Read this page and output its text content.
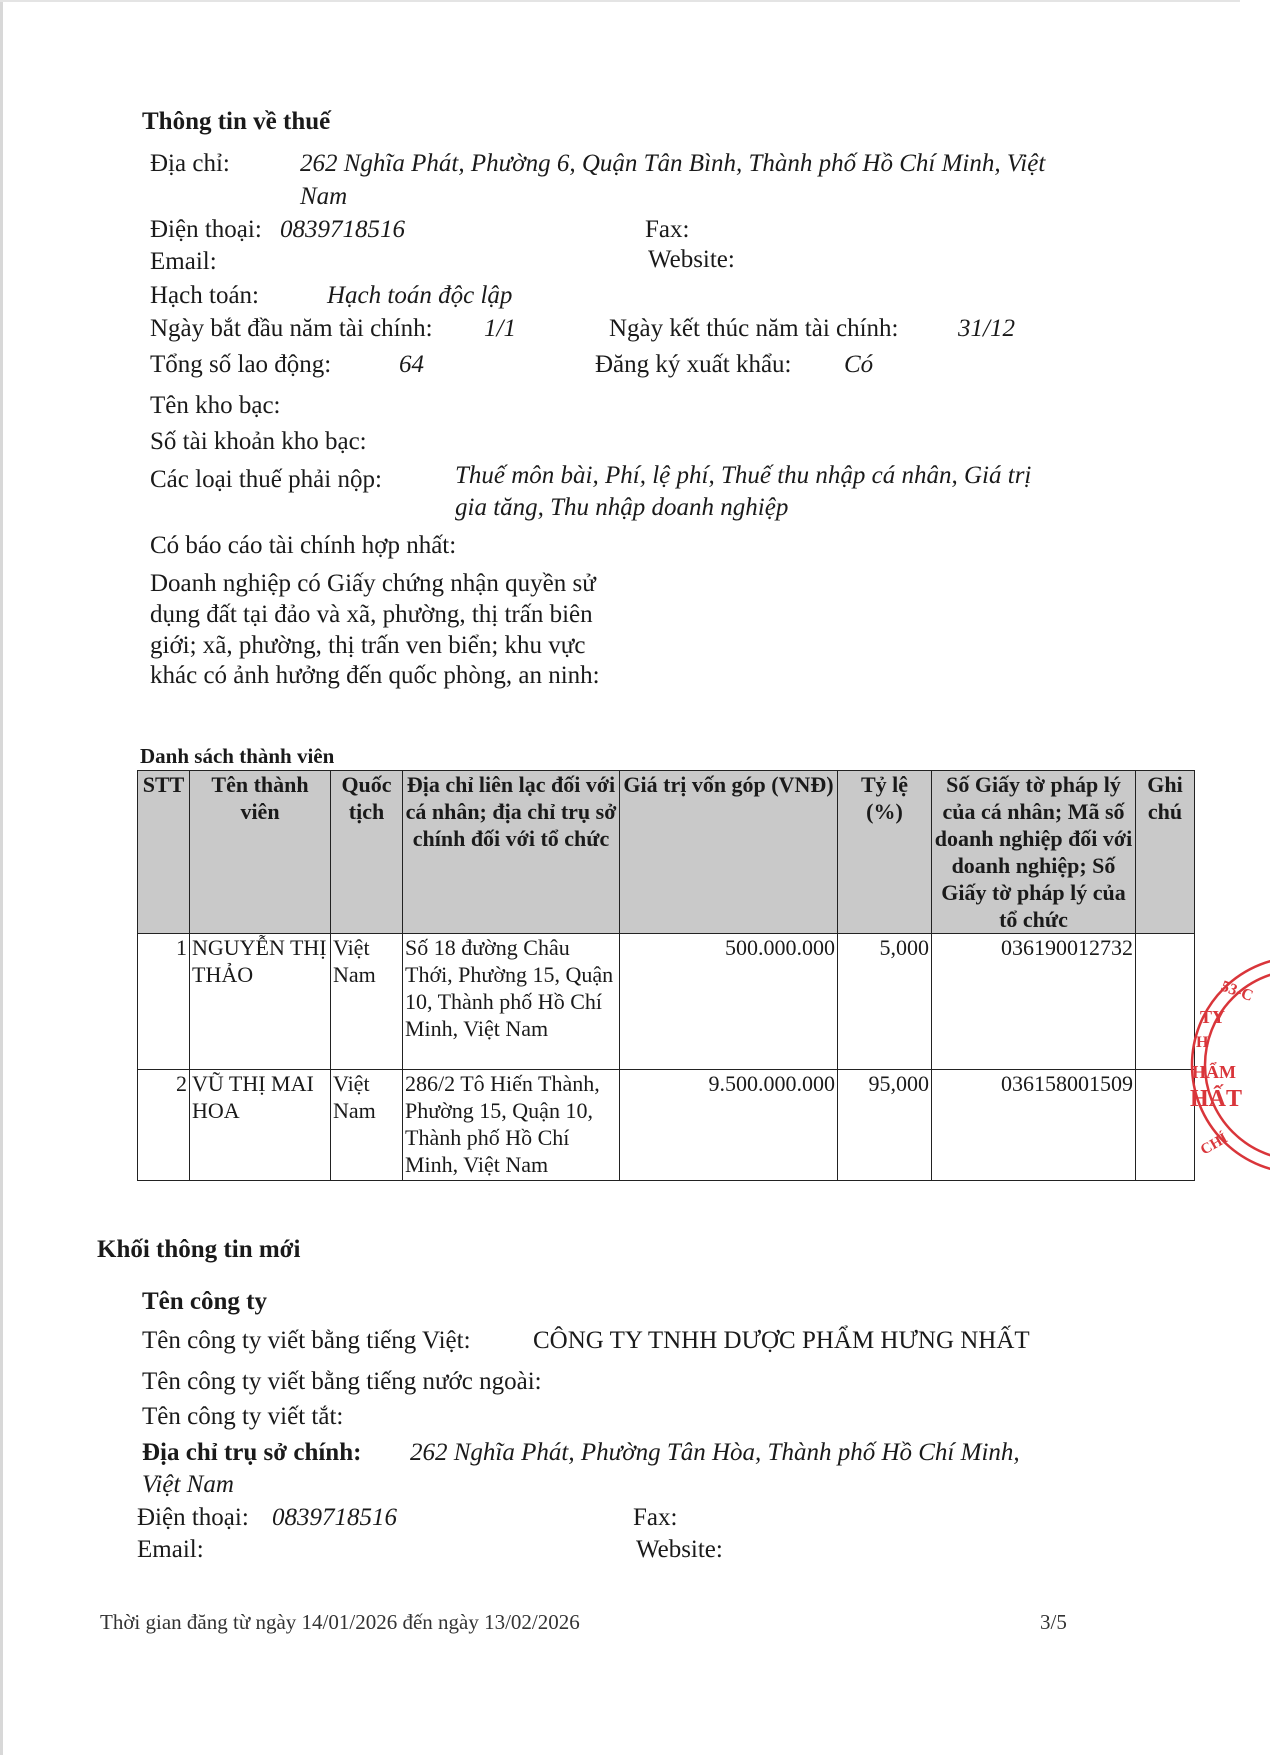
Thông tin về thuế
Địa chỉ:	262 Nghĩa Phát, Phường 6, Quận Tân Bình, Thành phố Hồ Chí Minh, Việt
Nam
Điện thoại: 0839718516	Fax:
Email:	Website:
Hạch toán:	Hạch toán độc lập
Ngày bắt đầu năm tài chính: 1/1	Ngày kết thúc năm tài chính: 31/12
Tổng số lao động:	64	Đăng ký xuất khẩu: Có
Tên kho bạc:
Số tài khoản kho bạc:
Các loại thuế phải nộp:	Thuế môn bài, Phí, lệ phí, Thuế thu nhập cá nhân, Giá trị
gia tăng, Thu nhập doanh nghiệp
Có báo cáo tài chính hợp nhất:
Doanh nghiệp có Giấy chứng nhận quyền sử
dụng đất tại đảo và xã, phường, thị trấn biên
giới; xã, phường, thị trấn ven biển; khu vực
khác có ảnh hưởng đến quốc phòng, an ninh:
Danh sách thành viên
STT	Tên thành viên	Quốc tịch	Địa chỉ liên lạc đối với cá nhân; địa chỉ trụ sở chính đối với tổ chức	Giá trị vốn góp (VNĐ)	Tỷ lệ (%)	Số Giấy tờ pháp lý của cá nhân; Mã số doanh nghiệp đối với doanh nghiệp; Số Giấy tờ pháp lý của tổ chức	Ghi chú
1	NGUYỄN THỊ THẢO	Việt Nam	Số 18 đường Châu Thới, Phường 15, Quận 10, Thành phố Hồ Chí Minh, Việt Nam	500.000.000	5,000	036190012732	
2	VŨ THỊ MAI HOA	Việt Nam	286/2 Tô Hiến Thành, Phường 15, Quận 10, Thành phố Hồ Chí Minh, Việt Nam	9.500.000.000	95,000	036158001509	
53-C
TY
H
HẨM
HẤT
CHÍ
Khối thông tin mới
Tên công ty
Tên công ty viết bằng tiếng Việt: CÔNG TY TNHH DƯỢC PHẨM HƯNG NHẤT
Tên công ty viết bằng tiếng nước ngoài:
Tên công ty viết tắt:
Địa chỉ trụ sở chính: 262 Nghĩa Phát, Phường Tân Hòa, Thành phố Hồ Chí Minh,
Việt Nam
Điện thoại: 0839718516	Fax:
Email:	Website:
Thời gian đăng từ ngày 14/01/2026 đến ngày 13/02/2026	3/5
